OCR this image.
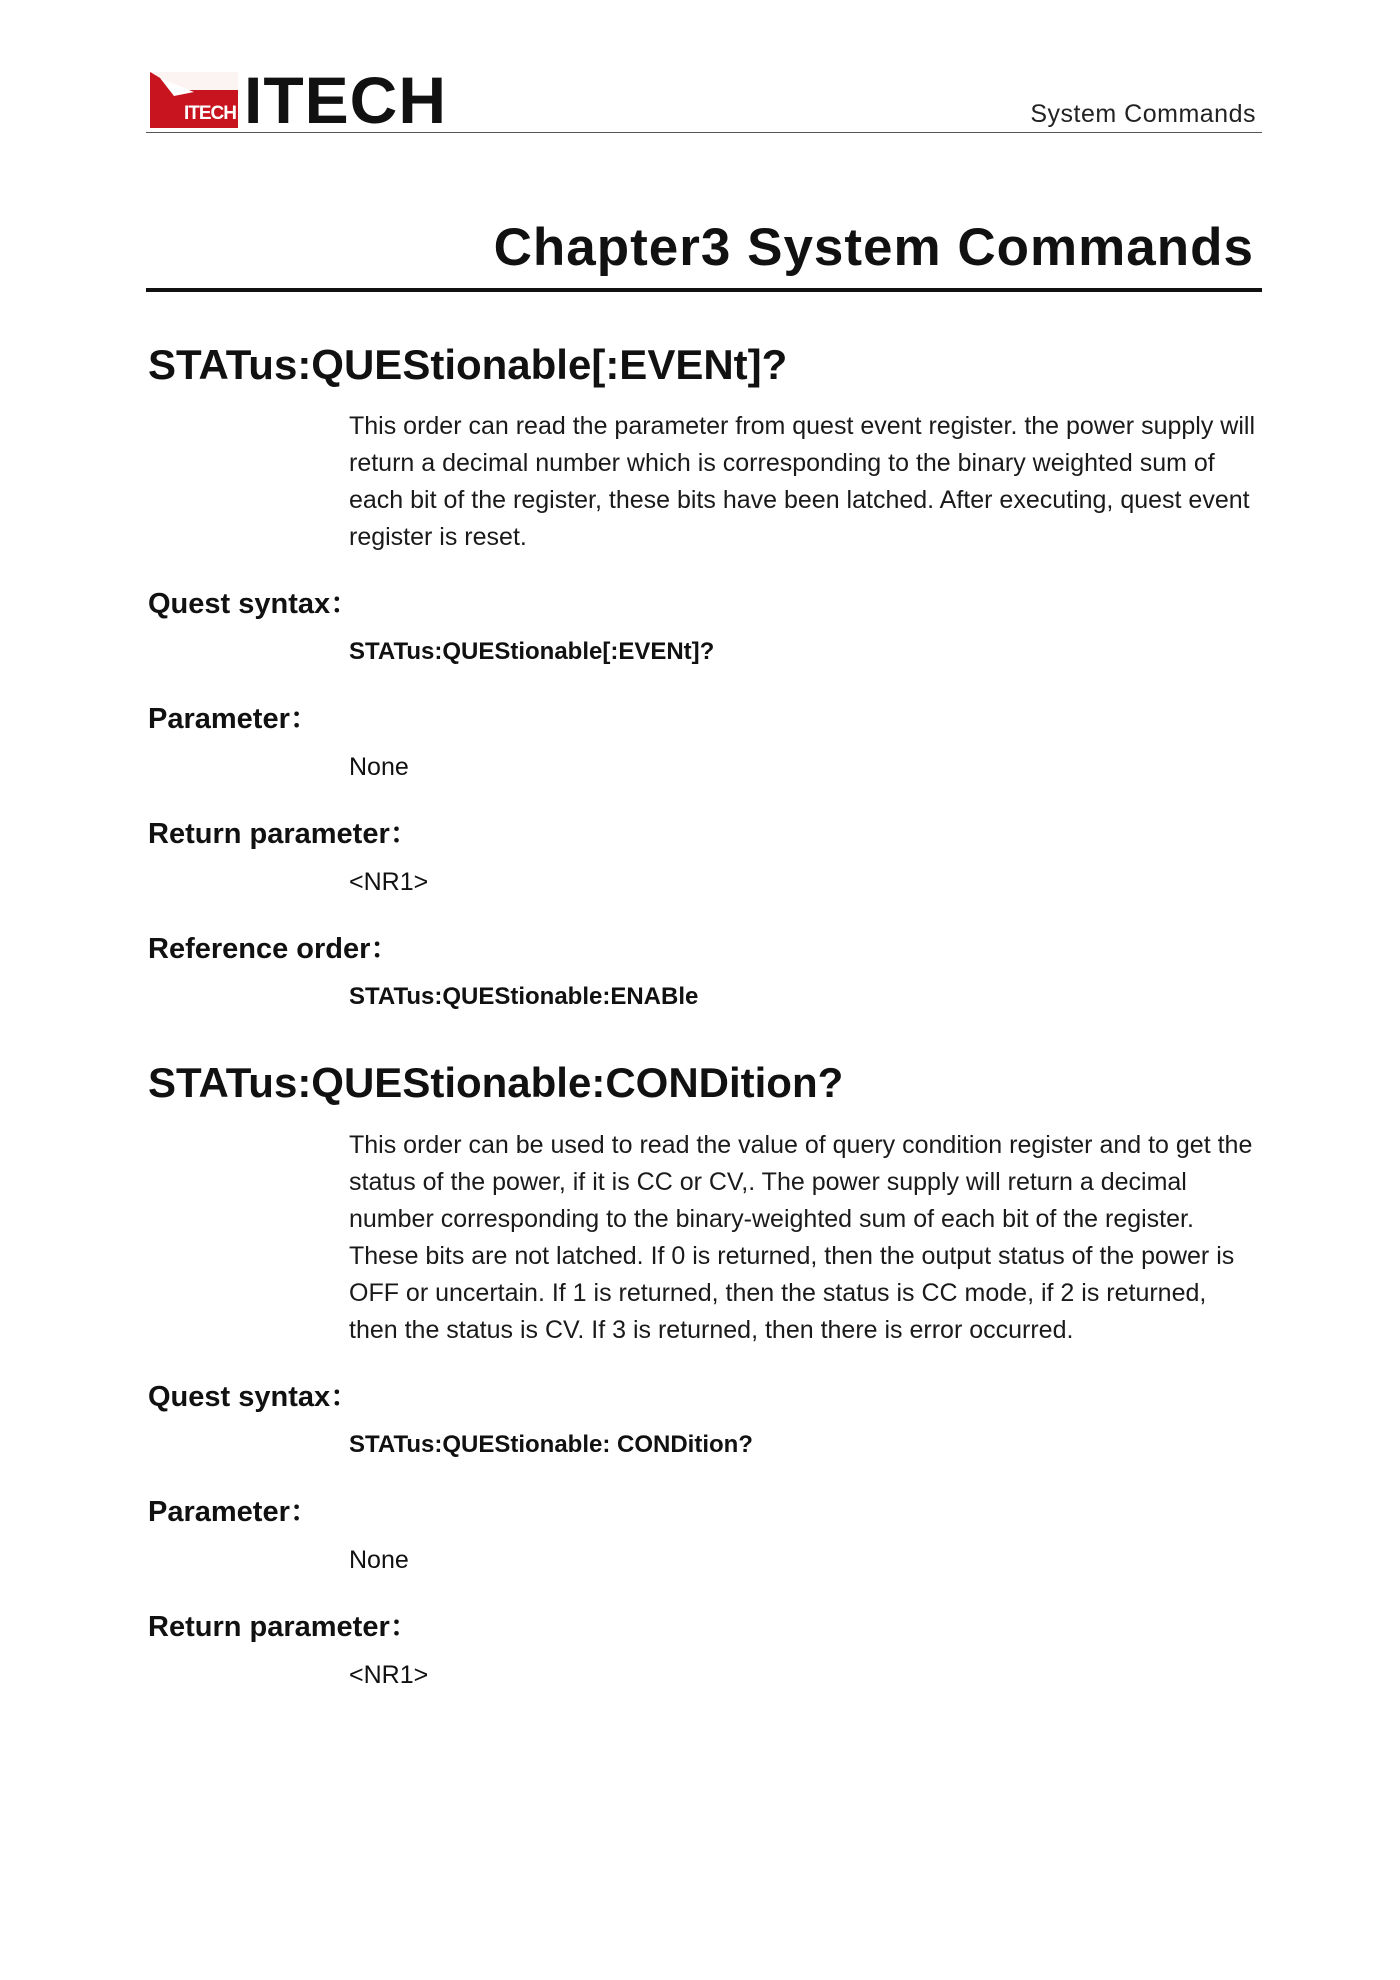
ITECH ITECH	System Commands
Chapter3 System Commands
STATus:QUEStionable[:EVENt]?

This order can read the parameter from quest event register. the power supply will return a decimal number which is corresponding to the binary weighted sum of each bit of the register, these bits have been latched. After executing, quest event register is reset.

Quest syntax：
STATus:QUEStionable[:EVENt]?
Parameter：
None
Return parameter：
<NR1>
Reference order：
STATus:QUEStionable:ENABle
STATus:QUEStionable:CONDition?

This order can be used to read the value of query condition register and to get the status of the power, if it is CC or CV,. The power supply will return a decimal number corresponding to the binary-weighted sum of each bit of the register. These bits are not latched. If 0 is returned, then the output status of the power is OFF or uncertain. If 1 is returned, then the status is CC mode, if 2 is returned, then the status is CV. If 3 is returned, then there is error occurred.

Quest syntax：
STATus:QUEStionable: CONDition?
Parameter：
None
Return parameter：
<NR1>
